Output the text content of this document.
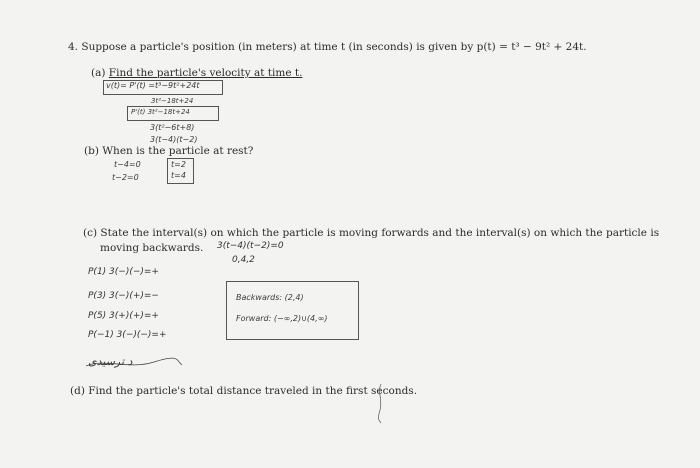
4. Suppose a particle's position (in meters) at time t (in seconds) is given by p(t) = t³ − 9t² + 24t.
(a) Find the particle's velocity at time t.
v(t)= P'(t) =t³−9t²+24t
3t²−18t+24
P'(t) 3t²−18t+24
3(t²−6t+8)
3(t−4)(t−2)
(b) When is the particle at rest?
t−4=0
t−2=0
t=2
t=4
(c) State the interval(s) on which the particle is moving forwards and the interval(s) on which the particle is
moving backwards. 3(t−4)(t−2)=0
0,4,2
P(1) 3(−)(−)=+
P(3) 3(−)(+)=−
P(5) 3(+)(+)=+
P(−1) 3(−)(−)=+
Backwards: (2,4)
Forward: (−∞,2)∪(4,∞)
د ترسیدی
(d) Find the particle's total distance traveled in the first seconds.
